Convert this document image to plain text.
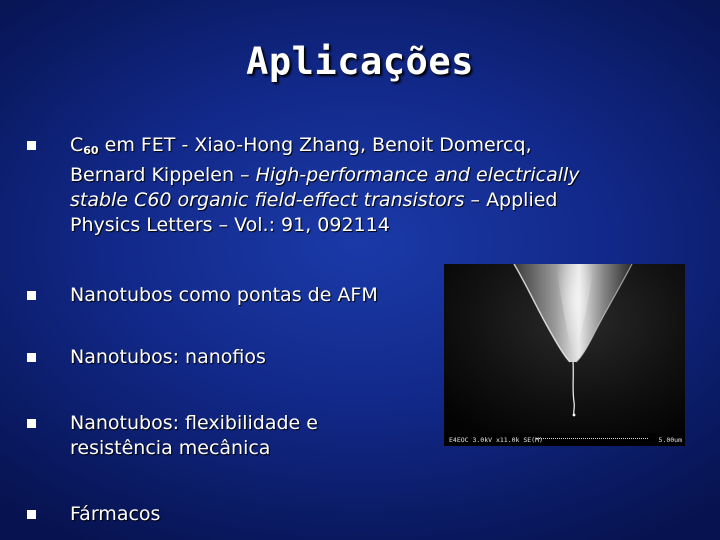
Aplicações
$C_{60}$ em FET - Xiao-Hong Zhang, Benoit Domercq,
Bernard Kippelen – High-performance and electrically
stable C60 organic field-effect transistors – Applied
Physics Letters – Vol.: 91, 092114
Nanotubos como pontas de AFM
Nanotubos: nanofios
Nanotubos: flexibilidade e
resistência mecânica
Fármacos
E4EOC 3.0kV x11.0k SE(M)	5.00um
